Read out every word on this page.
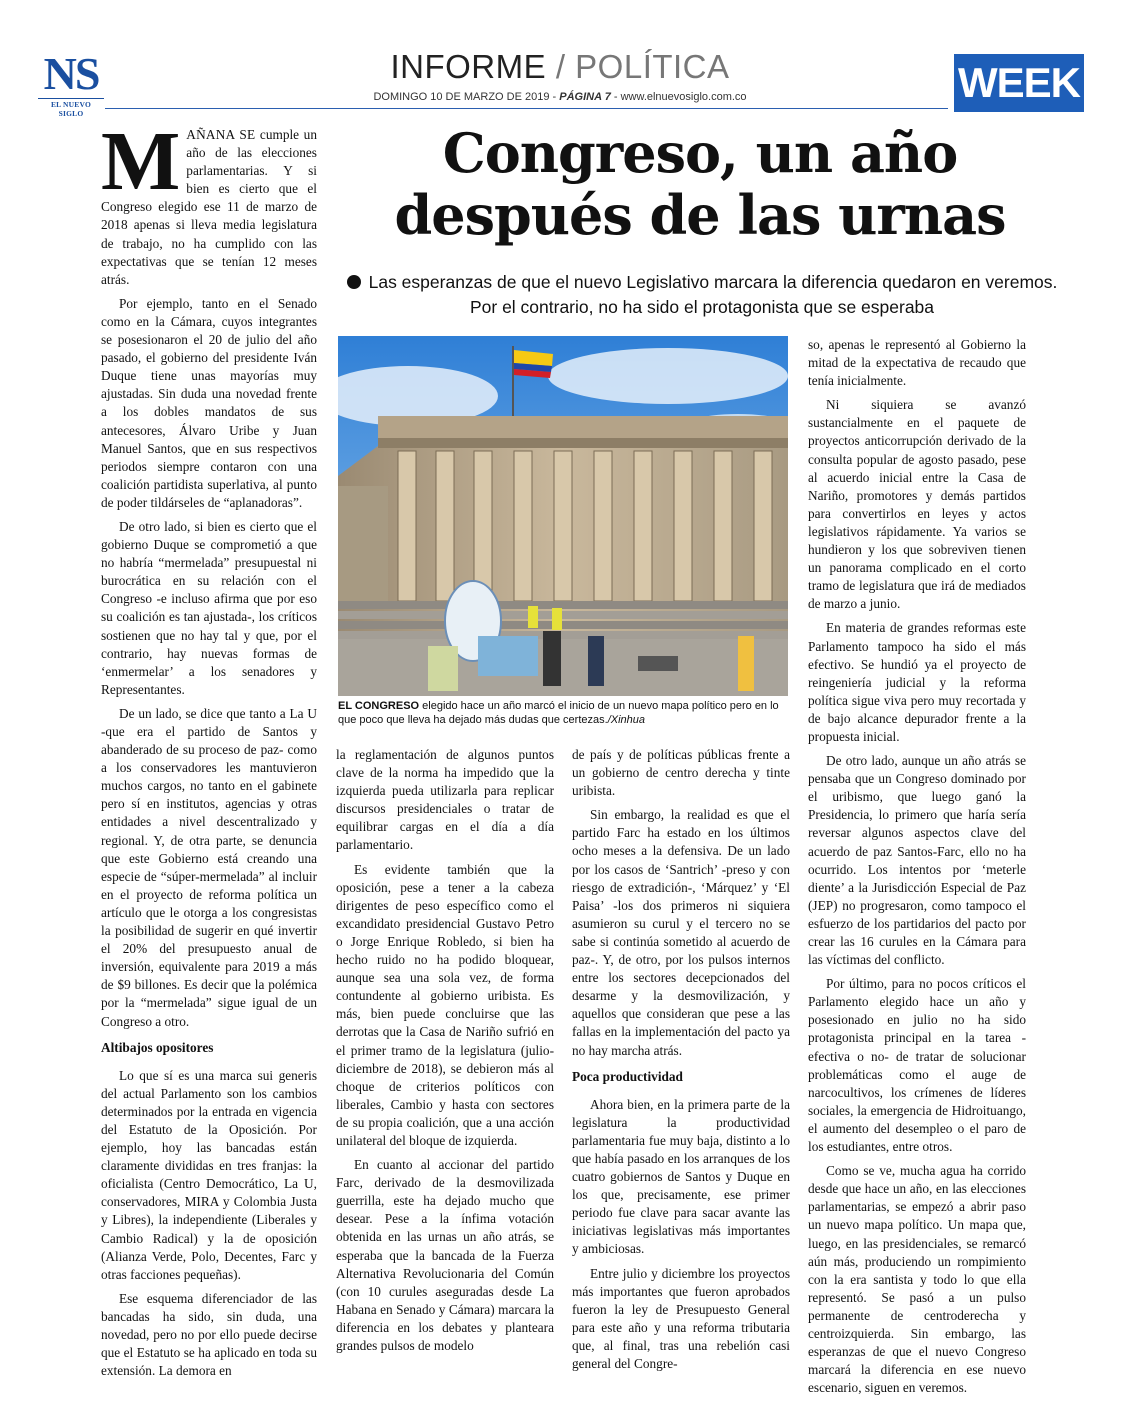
NS
EL NUEVO SIGLO
INFORME / POLÍTICA
DOMINGO 10 DE MARZO DE 2019 - PÁGINA 7 - www.elnuevosiglo.com.co	WEEK
Congreso, un año
después de las urnas
Las esperanzas de que el nuevo Legislativo marcara la diferencia quedaron en veremos. Por el contrario, no ha sido el protagonista que se esperaba

MAÑANA SE cumple un año de las elecciones parlamentarias. Y si bien es cierto que el Congreso elegido ese 11 de marzo de 2018 apenas si lleva media legislatura de trabajo, no ha cumplido con las expectativas que se tenían 12 meses atrás.

Por ejemplo, tanto en el Senado como en la Cámara, cuyos integrantes se posesionaron el 20 de julio del año pasado, el gobierno del presidente Iván Duque tiene unas mayorías muy ajustadas. Sin duda una novedad frente a los dobles mandatos de sus antecesores, Álvaro Uribe y Juan Manuel Santos, que en sus respectivos periodos siempre contaron con una coalición partidista superlativa, al punto de poder tildárseles de “aplanadoras”.

De otro lado, si bien es cierto que el gobierno Duque se comprometió a que no habría “mermelada” presupuestal ni burocrática en su relación con el Congreso -e incluso afirma que por eso su coalición es tan ajustada-, los críticos sostienen que no hay tal y que, por el contrario, hay nuevas formas de ‘enmermelar’ a los senadores y Representantes.

De un lado, se dice que tanto a La U -que era el partido de Santos y abanderado de su proceso de paz- como a los conservadores les mantuvieron muchos cargos, no tanto en el gabinete pero sí en institutos, agencias y otras entidades a nivel descentralizado y regional. Y, de otra parte, se denuncia que este Gobierno está creando una especie de “súper-mermelada” al incluir en el proyecto de reforma política un artículo que le otorga a los congresistas la posibilidad de sugerir en qué invertir el 20% del presupuesto anual de inversión, equivalente para 2019 a más de $9 billones. Es decir que la polémica por la “mermelada” sigue igual de un Congreso a otro.

Altibajos opositores

Lo que sí es una marca sui generis del actual Parlamento son los cambios determinados por la entrada en vigencia del Estatuto de la Oposición. Por ejemplo, hoy las bancadas están claramente divididas en tres franjas: la oficialista (Centro Democrático, La U, conservadores, MIRA y Colombia Justa y Libres), la independiente (Liberales y Cambio Radical) y la de oposición (Alianza Verde, Polo, Decentes, Farc y otras facciones pequeñas).

Ese esquema diferenciador de las bancadas ha sido, sin duda, una novedad, pero no por ello puede decirse que el Estatuto se ha aplicado en toda su extensión. La demora en

EL CONGRESO elegido hace un año marcó el inicio de un nuevo mapa político pero en lo que poco que lleva ha dejado más dudas que certezas./Xinhua

la reglamentación de algunos puntos clave de la norma ha impedido que la izquierda pueda utilizarla para replicar discursos presidenciales o tratar de equilibrar cargas en el día a día parlamentario.

Es evidente también que la oposición, pese a tener a la cabeza dirigentes de peso específico como el excandidato presidencial Gustavo Petro o Jorge Enrique Robledo, si bien ha hecho ruido no ha podido bloquear, aunque sea una sola vez, de forma contundente al gobierno uribista. Es más, bien puede concluirse que las derrotas que la Casa de Nariño sufrió en el primer tramo de la legislatura (julio-diciembre de 2018), se debieron más al choque de criterios políticos con liberales, Cambio y hasta con sectores de su propia coalición, que a una acción unilateral del bloque de izquierda.

En cuanto al accionar del partido Farc, derivado de la desmovilizada guerrilla, este ha dejado mucho que desear. Pese a la ínfima votación obtenida en las urnas un año atrás, se esperaba que la bancada de la Fuerza Alternativa Revolucionaria del Común (con 10 curules aseguradas desde La Habana en Senado y Cámara) marcara la diferencia en los debates y planteara grandes pulsos de modelo

de país y de políticas públicas frente a un gobierno de centro derecha y tinte uribista.

Sin embargo, la realidad es que el partido Farc ha estado en los últimos ocho meses a la defensiva. De un lado por los casos de ‘Santrich’ -preso y con riesgo de extradición-, ‘Márquez’ y ‘El Paisa’ -los dos primeros ni siquiera asumieron su curul y el tercero no se sabe si continúa sometido al acuerdo de paz-. Y, de otro, por los pulsos internos entre los sectores decepcionados del desarme y la desmovilización, y aquellos que consideran que pese a las fallas en la implementación del pacto ya no hay marcha atrás.

Poca productividad

Ahora bien, en la primera parte de la legislatura la productividad parlamentaria fue muy baja, distinto a lo que había pasado en los arranques de los cuatro gobiernos de Santos y Duque en los que, precisamente, ese primer periodo fue clave para sacar avante las iniciativas legislativas más importantes y ambiciosas.

Entre julio y diciembre los proyectos más importantes que fueron aprobados fueron la ley de Presupuesto General para este año y una reforma tributaria que, al final, tras una rebelión casi general del Congre-

so, apenas le representó al Gobierno la mitad de la expectativa de recaudo que tenía inicialmente.

Ni siquiera se avanzó sustancialmente en el paquete de proyectos anticorrupción derivado de la consulta popular de agosto pasado, pese al acuerdo inicial entre la Casa de Nariño, promotores y demás partidos para convertirlos en leyes y actos legislativos rápidamente. Ya varios se hundieron y los que sobreviven tienen un panorama complicado en el corto tramo de legislatura que irá de mediados de marzo a junio.

En materia de grandes reformas este Parlamento tampoco ha sido el más efectivo. Se hundió ya el proyecto de reingeniería judicial y la reforma política sigue viva pero muy recortada y de bajo alcance depurador frente a la propuesta inicial.

De otro lado, aunque un año atrás se pensaba que un Congreso dominado por el uribismo, que luego ganó la Presidencia, lo primero que haría sería reversar algunos aspectos clave del acuerdo de paz Santos-Farc, ello no ha ocurrido. Los intentos por ‘meterle diente’ a la Jurisdicción Especial de Paz (JEP) no progresaron, como tampoco el esfuerzo de los partidarios del pacto por crear las 16 curules en la Cámara para las víctimas del conflicto.

Por último, para no pocos críticos el Parlamento elegido hace un año y posesionado en julio no ha sido protagonista principal en la tarea -efectiva o no- de tratar de solucionar problemáticas como el auge de narcocultivos, los crímenes de líderes sociales, la emergencia de Hidroituango, el aumento del desempleo o el paro de los estudiantes, entre otros.

Como se ve, mucha agua ha corrido desde que hace un año, en las elecciones parlamentarias, se empezó a abrir paso un nuevo mapa político. Un mapa que, luego, en las presidenciales, se remarcó aún más, produciendo un rompimiento con la era santista y todo lo que ella representó. Se pasó a un pulso permanente de centroderecha y centroizquierda. Sin embargo, las esperanzas de que el nuevo Congreso marcará la diferencia en ese nuevo escenario, siguen en veremos.
